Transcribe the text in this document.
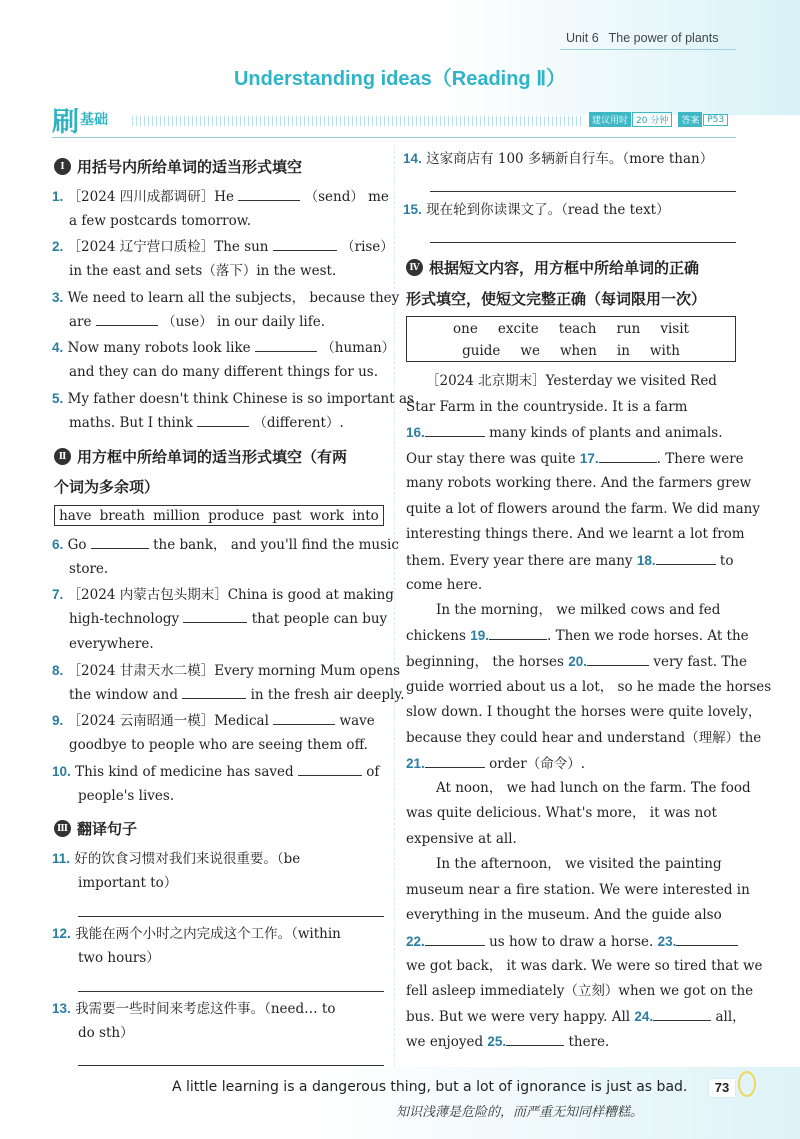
Unit 6 The power of plants
Understanding ideas（Reading Ⅱ）
刷 基础	建议用时 20 分钟	答案 P53
Ⅰ 用括号内所给单词的适当形式填空
1. ［2024 四川成都调研］He	（send） me
a few postcards tomorrow.
2. ［2024 辽宁营口质检］The sun	（rise）
in the east and sets（落下）in the west.
3. We need to learn all the subjects， because they
are	（use） in our daily life.
4. Now many robots look like	（human）
and they can do many different things for us.
5. My father doesn't think Chinese is so important as
maths. But I think	（different）.
Ⅱ 用方框中所给单词的适当形式填空（有两
个词为多余项）
have breath million produce past work into
6. Go	the bank， and you'll find the music
store.
7. ［2024 内蒙古包头期末］China is good at making
high-technology	that people can buy
everywhere.
8. ［2024 甘肃天水二模］Every morning Mum opens
the window and	in the fresh air deeply.
9. ［2024 云南昭通一模］Medical	wave
goodbye to people who are seeing them off.
10. This kind of medicine has saved	of
people's lives.
Ⅲ 翻译句子
11. 好的饮食习惯对我们来说很重要。（be
important to）
12. 我能在两个小时之内完成这个工作。（within
two hours）
13. 我需要一些时间来考虑这件事。（need… to
do sth）
14. 这家商店有 100 多辆新自行车。（more than）
15. 现在轮到你读课文了。（read the text）
Ⅳ 根据短文内容，用方框中所给单词的正确
形式填空，使短文完整正确（每词限用一次）
one excite teach run visit
guide we when in with
［2024 北京期末］Yesterday we visited Red
Star Farm in the countryside. It is a farm
16.	many kinds of plants and animals.
Our stay there was quite 17.	. There were
many robots working there. And the farmers grew
quite a lot of flowers around the farm. We did many
interesting things there. And we learnt a lot from
them. Every year there are many 18.	to
come here.
In the morning， we milked cows and fed
chickens 19.	. Then we rode horses. At the
beginning， the horses 20.	very fast. The
guide worried about us a lot， so he made the horses
slow down. I thought the horses were quite lovely，
because they could hear and understand（理解）the
21.	order（命令）.
At noon， we had lunch on the farm. The food
was quite delicious. What's more， it was not
expensive at all.
In the afternoon， we visited the painting
museum near a fire station. We were interested in
everything in the museum. And the guide also
22.	us how to draw a horse. 23.
we got back， it was dark. We were so tired that we
fell asleep immediately（立刻）when we got on the
bus. But we were very happy. All 24.	all，
we enjoyed 25.	there.
A little learning is a dangerous thing, but a lot of ignorance is just as bad.
知识浅薄是危险的，而严重无知同样糟糕。
73
